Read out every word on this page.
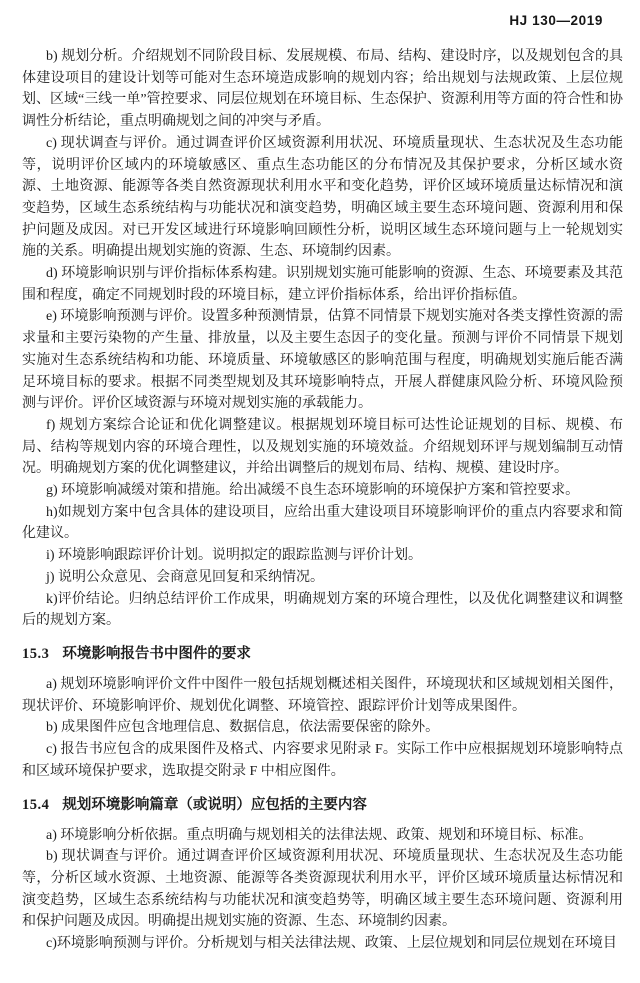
HJ 130—2019

b) 规划分析。介绍规划不同阶段目标、发展规模、布局、结构、建设时序，以及规划包含的具体建设项目的建设计划等可能对生态环境造成影响的规划内容；给出规划与法规政策、上层位规划、区域“三线一单”管控要求、同层位规划在环境目标、生态保护、资源利用等方面的符合性和协调性分析结论，重点明确规划之间的冲突与矛盾。

c) 现状调查与评价。通过调查评价区域资源利用状况、环境质量现状、生态状况及生态功能等，说明评价区域内的环境敏感区、重点生态功能区的分布情况及其保护要求，分析区域水资源、土地资源、能源等各类自然资源现状利用水平和变化趋势，评价区域环境质量达标情况和演变趋势，区域生态系统结构与功能状况和演变趋势，明确区域主要生态环境问题、资源利用和保护问题及成因。对已开发区域进行环境影响回顾性分析，说明区域生态环境问题与上一轮规划实施的关系。明确提出规划实施的资源、生态、环境制约因素。

d) 环境影响识别与评价指标体系构建。识别规划实施可能影响的资源、生态、环境要素及其范围和程度，确定不同规划时段的环境目标，建立评价指标体系，给出评价指标值。

e) 环境影响预测与评价。设置多种预测情景，估算不同情景下规划实施对各类支撑性资源的需求量和主要污染物的产生量、排放量，以及主要生态因子的变化量。预测与评价不同情景下规划实施对生态系统结构和功能、环境质量、环境敏感区的影响范围与程度，明确规划实施后能否满足环境目标的要求。根据不同类型规划及其环境影响特点，开展人群健康风险分析、环境风险预测与评价。评价区域资源与环境对规划实施的承载能力。

f) 规划方案综合论证和优化调整建议。根据规划环境目标可达性论证规划的目标、规模、布局、结构等规划内容的环境合理性，以及规划实施的环境效益。介绍规划环评与规划编制互动情况。明确规划方案的优化调整建议，并给出调整后的规划布局、结构、规模、建设时序。

g) 环境影响减缓对策和措施。给出减缓不良生态环境影响的环境保护方案和管控要求。

h)如规划方案中包含具体的建设项目，应给出重大建设项目环境影响评价的重点内容要求和简化建议。

i) 环境影响跟踪评价计划。说明拟定的跟踪监测与评价计划。

j) 说明公众意见、会商意见回复和采纳情况。

k)评价结论。归纳总结评价工作成果，明确规划方案的环境合理性，以及优化调整建议和调整后的规划方案。

15.3 环境影响报告书中图件的要求

a) 规划环境影响评价文件中图件一般包括规划概述相关图件，环境现状和区域规划相关图件，现状评价、环境影响评价、规划优化调整、环境管控、跟踪评价计划等成果图件。

b) 成果图件应包含地理信息、数据信息，依法需要保密的除外。

c) 报告书应包含的成果图件及格式、内容要求见附录 F。实际工作中应根据规划环境影响特点和区域环境保护要求，选取提交附录 F 中相应图件。

15.4 规划环境影响篇章（或说明）应包括的主要内容

a) 环境影响分析依据。重点明确与规划相关的法律法规、政策、规划和环境目标、标准。

b) 现状调查与评价。通过调查评价区域资源利用状况、环境质量现状、生态状况及生态功能等，分析区域水资源、土地资源、能源等各类资源现状利用水平，评价区域环境质量达标情况和演变趋势，区域生态系统结构与功能状况和演变趋势等，明确区域主要生态环境问题、资源利用和保护问题及成因。明确提出规划实施的资源、生态、环境制约因素。

c)环境影响预测与评价。分析规划与相关法律法规、政策、上层位规划和同层位规划在环境目
